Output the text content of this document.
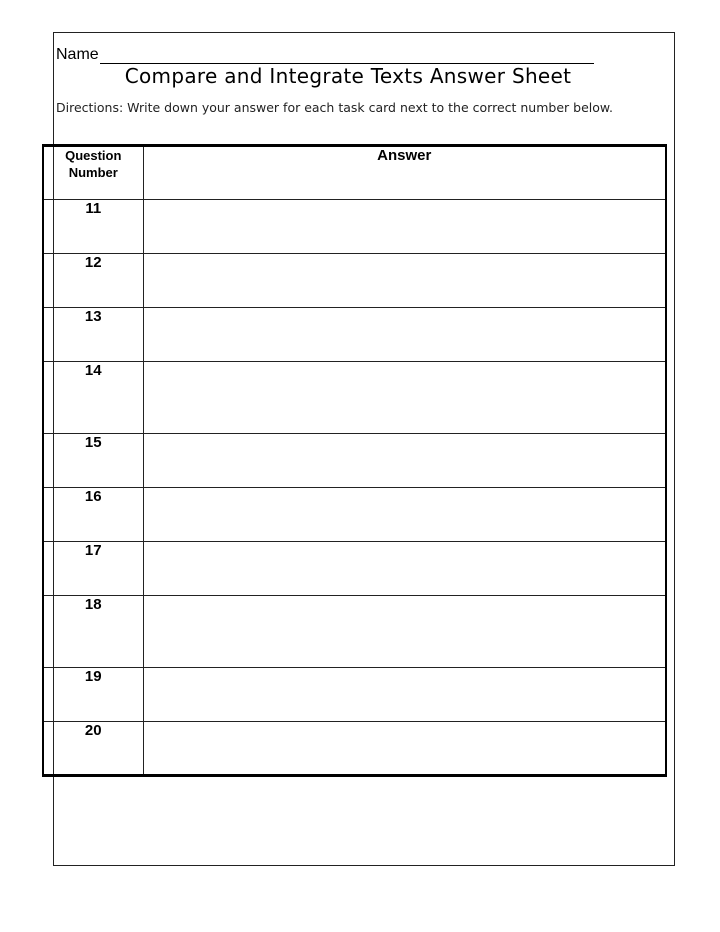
Name
Compare and Integrate Texts Answer Sheet
Directions: Write down your answer for each task card next to the correct number below.
Question
Number	Answer
11	
12	
13	
14	
15	
16	
17	
18	
19	
20	
